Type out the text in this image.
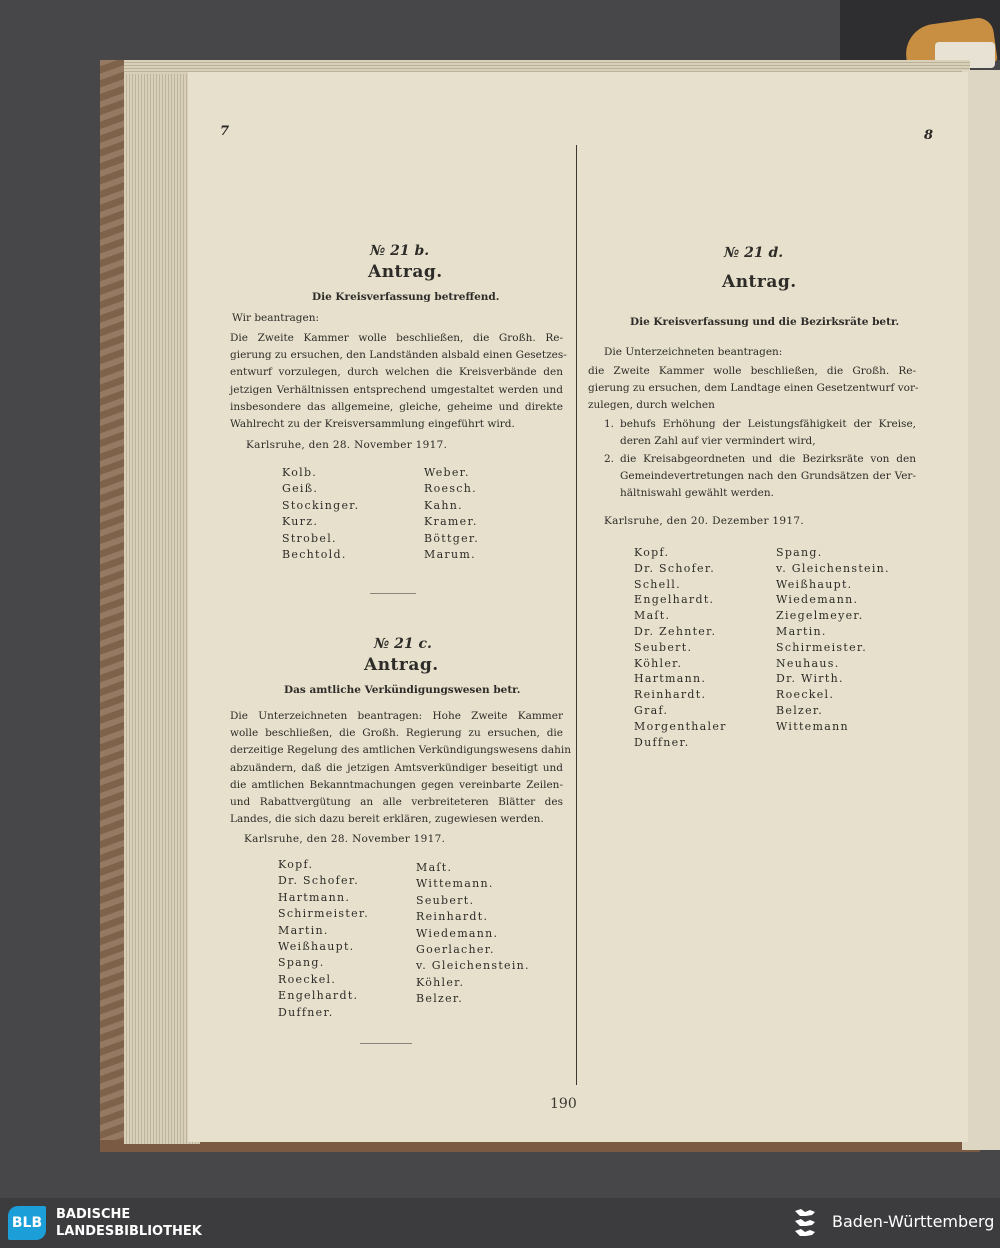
7	8
№ 21 b.
Antrag.
Die Kreisverfassung betreffend.
Wir beantragen:
Die Zweite Kammer wolle beschließen, die Großh. Re-
gierung zu ersuchen, den Landständen alsbald einen Gesetzes-
entwurf vorzulegen, durch welchen die Kreisverbände den
jetzigen Verhältnissen entsprechend umgestaltet werden und
insbesondere das allgemeine, gleiche, geheime und direkte
Wahlrecht zu der Kreisversammlung eingeführt wird.
Karlsruhe, den 28. November 1917.
Kolb.
Geiß.
Stockinger.
Kurz.
Strobel.
Bechtold.
Weber.
Roesch.
Kahn.
Kramer.
Böttger.
Marum.
№ 21 c.
Antrag.
Das amtliche Verkündigungswesen betr.
Die Unterzeichneten beantragen: Hohe Zweite Kammer
wolle beschließen, die Großh. Regierung zu ersuchen, die
derzeitige Regelung des amtlichen Verkündigungswesens dahin
abzuändern, daß die jetzigen Amtsverkündiger beseitigt und
die amtlichen Bekanntmachungen gegen vereinbarte Zeilen-
und Rabattvergütung an alle verbreiteteren Blätter des
Landes, die sich dazu bereit erklären, zugewiesen werden.
Karlsruhe, den 28. November 1917.
Kopf.
Dr. Schofer.
Hartmann.
Schirmeister.
Martin.
Weißhaupt.
Spang.
Roeckel.
Engelhardt.
Duffner.
Maſt.
Wittemann.
Seubert.
Reinhardt.
Wiedemann.
Goerlacher.
v. Gleichenstein.
Köhler.
Belzer.
№ 21 d.
Antrag.
Die Kreisverfassung und die Bezirksräte betr.
Die Unterzeichneten beantragen:
die Zweite Kammer wolle beschließen, die Großh. Re-
gierung zu ersuchen, dem Landtage einen Gesetzentwurf vor-
zulegen, durch welchen
1. behufs Erhöhung der Leistungsfähigkeit der Kreise,
deren Zahl auf vier vermindert wird,
2. die Kreisabgeordneten und die Bezirksräte von den
Gemeindevertretungen nach den Grundsätzen der Ver-
hältniswahl gewählt werden.
Karlsruhe, den 20. Dezember 1917.
Kopf.
Dr. Schofer.
Schell.
Engelhardt.
Maſt.
Dr. Zehnter.
Seubert.
Köhler.
Hartmann.
Reinhardt.
Graf.
Morgenthaler
Duffner.
Spang.
v. Gleichenstein.
Weißhaupt.
Wiedemann.
Ziegelmeyer.
Martin.
Schirmeister.
Neuhaus.
Dr. Wirth.
Roeckel.
Belzer.
Wittemann
190
BLB
BADISCHE
LANDESBIBLIOTHEK
Baden-Württemberg
